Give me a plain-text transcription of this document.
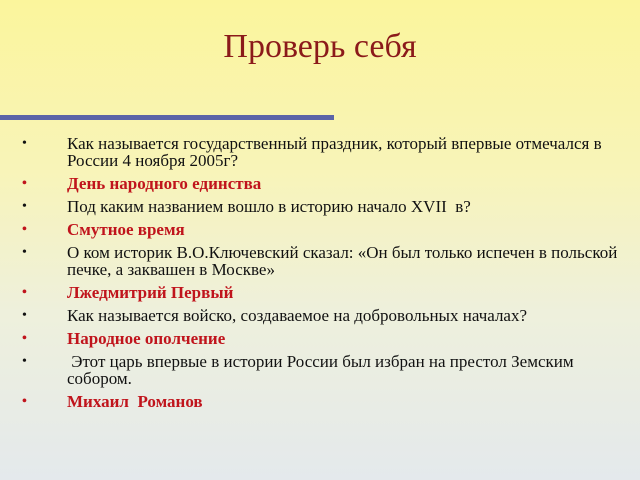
Проверь себя
• Как называется государственный праздник, который впервые отмечался в России 4 ноября 2005г?
• День народного единства
• Под каким названием вошло в историю начало XVII  в?
• Смутное время
• О ком историк В.О.Ключевский сказал: «Он был только испечен в польской печке, а заквашен в Москве»
• Лжедмитрий Первый
• Как называется войско, создаваемое на добровольных началах?
• Народное ополчение
• Этот царь впервые в истории России был избран на престол Земским собором.
• Михаил  Романов
